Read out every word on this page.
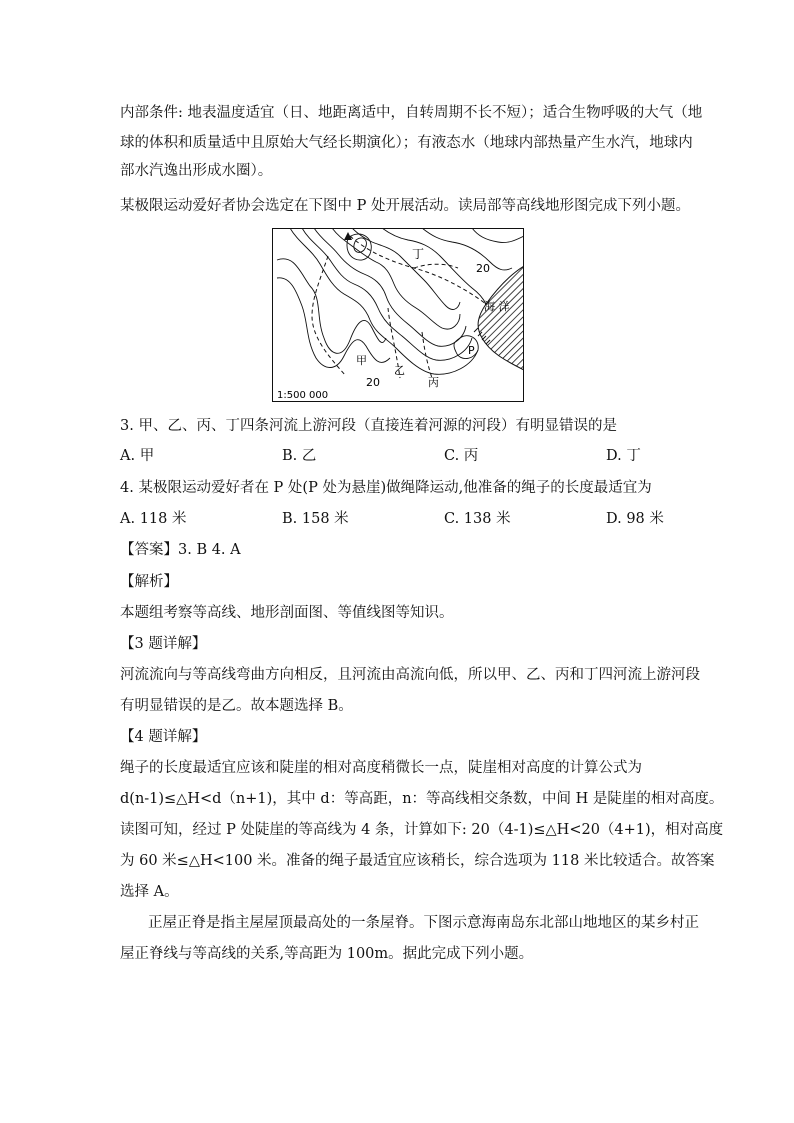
内部条件: 地表温度适宜（日、地距离适中，自转周期不长不短）；适合生物呼吸的大气（地
球的体积和质量适中且原始大气经长期演化）；有液态水（地球内部热量产生水汽，地球内
部水汽逸出形成水圈）。
某极限运动爱好者协会选定在下图中 P 处开展活动。读局部等高线地形图完成下列小题。
丁
20
海 洋
P
甲
乙
丙
20
1:500 000
3. 甲、乙、丙、丁四条河流上游河段（直接连着河源的河段）有明显错误的是
A. 甲	B. 乙	C. 丙	D. 丁
4. 某极限运动爱好者在 P 处(P 处为悬崖)做绳降运动,他准备的绳子的长度最适宜为
A. 118 米	B. 158 米	C. 138 米	D. 98 米
【答案】3. B 4. A
【解析】
本题组考察等高线、地形剖面图、等值线图等知识。
【3 题详解】
河流流向与等高线弯曲方向相反，且河流由高流向低，所以甲、乙、丙和丁四河流上游河段
有明显错误的是乙。故本题选择 B。
【4 题详解】
绳子的长度最适宜应该和陡崖的相对高度稍微长一点，陡崖相对高度的计算公式为
d(n-1)≤△H<d（n+1)，其中 d：等高距，n：等高线相交条数，中间 H 是陡崖的相对高度。
读图可知，经过 P 处陡崖的等高线为 4 条，计算如下: 20（4-1)≤△H<20（4+1)，相对高度
为 60 米≤△H<100 米。准备的绳子最适宜应该稍长，综合选项为 118 米比较适合。故答案
选择 A。
正屋正脊是指主屋屋顶最高处的一条屋脊。下图示意海南岛东北部山地地区的某乡村正
屋正脊线与等高线的关系,等高距为 100m。据此完成下列小题。
